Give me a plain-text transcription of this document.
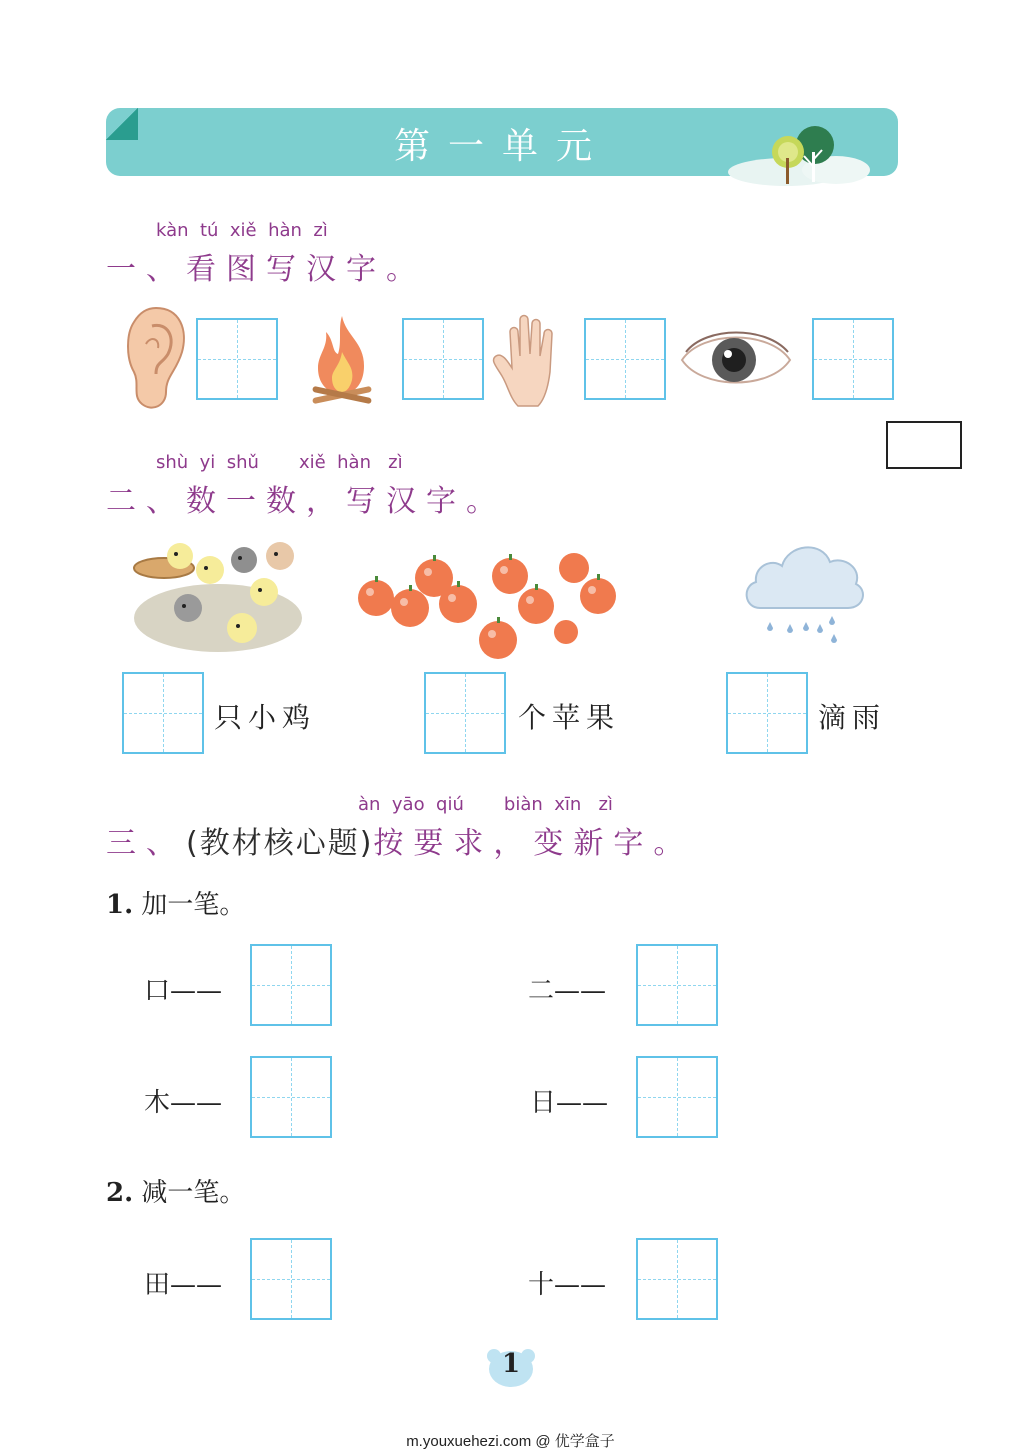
第一单元
kàn  tú  xiě  hàn  zì
一、看图写汉字。
shù  yi  shǔ       xiě  hàn   zì
二、数一数，写汉字。
只小鸡	个苹果	滴雨
àn  yāo  qiú       biàn  xīn   zì
三、(教材核心题)按要求，变新字。
1. 加一笔。
口——	二——
木——	日——
2. 减一笔。
田——	十——
1
m.youxuehezi.com @ 优学盒子
